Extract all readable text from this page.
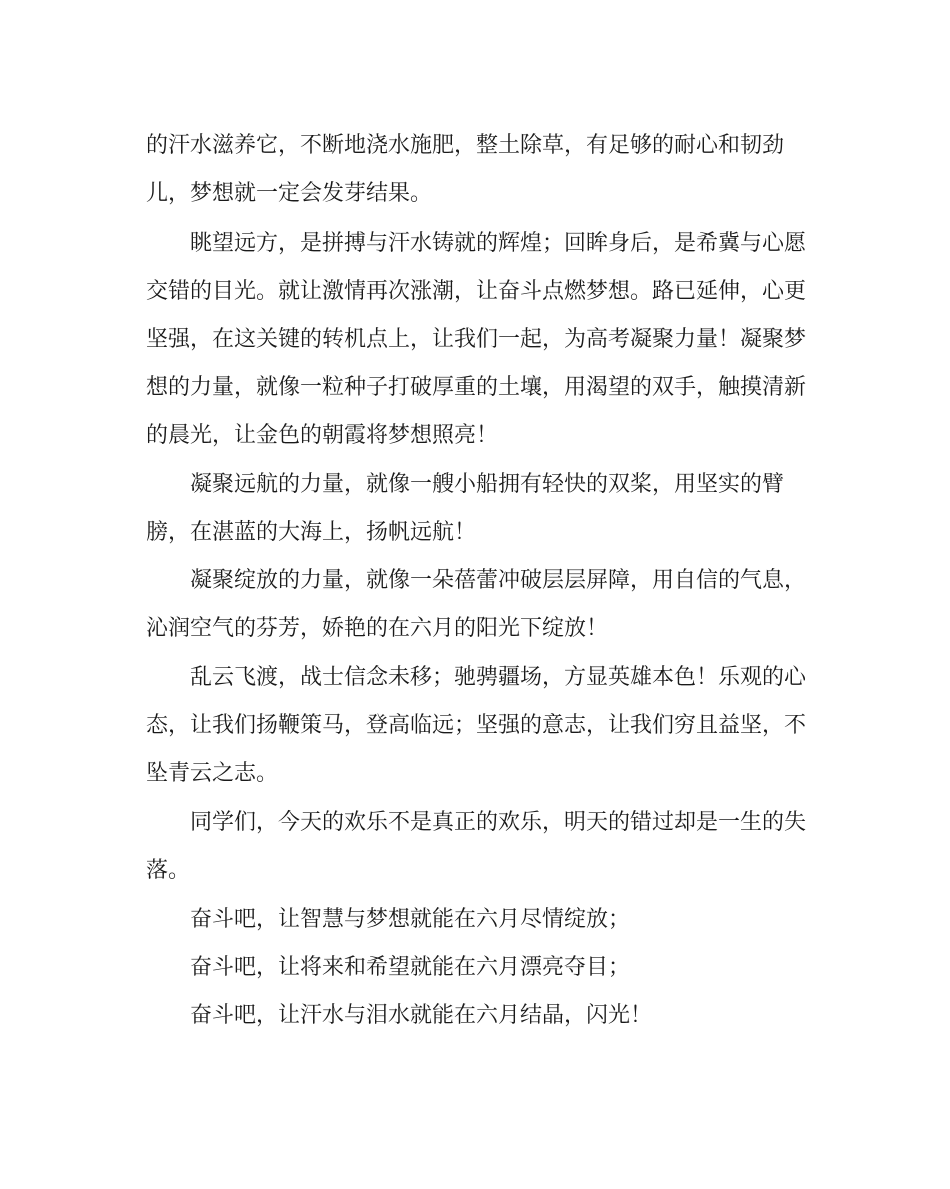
的汗水滋养它，不断地浇水施肥，整土除草，有足够的耐心和韧劲
儿，梦想就一定会发芽结果。
眺望远方，是拼搏与汗水铸就的辉煌；回眸身后，是希冀与心愿
交错的目光。就让激情再次涨潮，让奋斗点燃梦想。路已延伸，心更
坚强，在这关键的转机点上，让我们一起，为高考凝聚力量！凝聚梦
想的力量，就像一粒种子打破厚重的土壤，用渴望的双手，触摸清新
的晨光，让金色的朝霞将梦想照亮！
凝聚远航的力量，就像一艘小船拥有轻快的双桨，用坚实的臂
膀，在湛蓝的大海上，扬帆远航！
凝聚绽放的力量，就像一朵蓓蕾冲破层层屏障，用自信的气息，
沁润空气的芬芳，娇艳的在六月的阳光下绽放！
乱云飞渡，战士信念未移；驰骋疆场，方显英雄本色！乐观的心
态，让我们扬鞭策马，登高临远；坚强的意志，让我们穷且益坚，不
坠青云之志。
同学们，今天的欢乐不是真正的欢乐，明天的错过却是一生的失
落。
奋斗吧，让智慧与梦想就能在六月尽情绽放；
奋斗吧，让将来和希望就能在六月漂亮夺目；
奋斗吧，让汗水与泪水就能在六月结晶，闪光！
